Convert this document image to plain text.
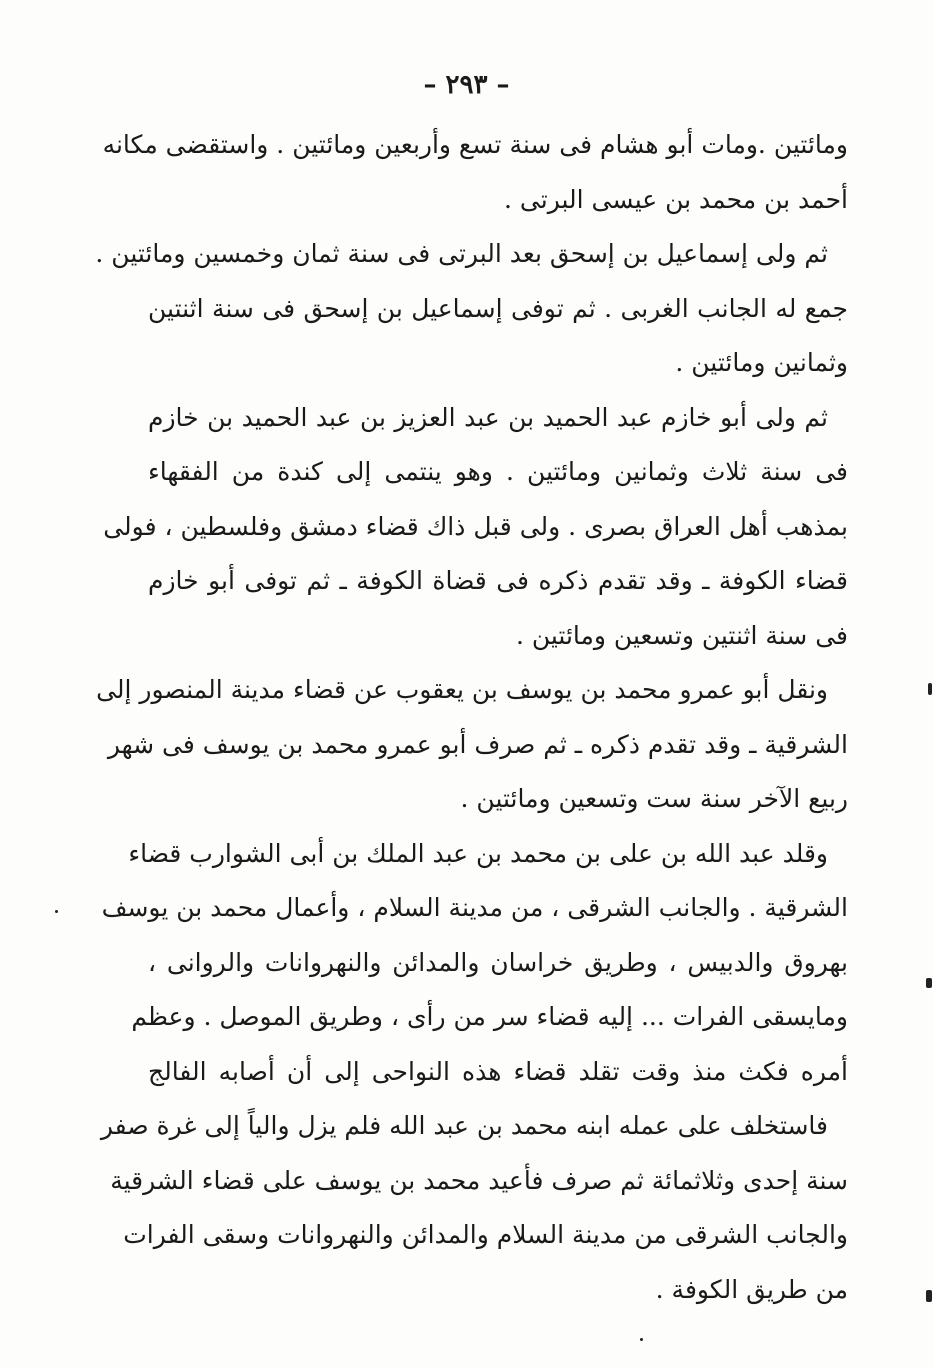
– ٢٩٣ –
ومائتين .ومات أبو هشام فى سنة تسع وأربعين ومائتين . واستقضى مكانه
أحمد بن محمد بن عيسى البرتى .
ثم ولى إسماعيل بن إسحق بعد البرتى فى سنة ثمان وخمسين ومائتين .
جمع له الجانب الغربى . ثم توفى إسماعيل بن إسحق فى سنة اثنتين
وثمانين ومائتين .
ثم ولى أبو خازم عبد الحميد بن عبد العزيز بن عبد الحميد بن خازم
فى سنة ثلاث وثمانين ومائتين . وهو ينتمى إلى كندة من الفقهاء
بمذهب أهل العراق بصرى . ولى قبل ذاك قضاء دمشق وفلسطين ، فولى
قضاء الكوفة ـ وقد تقدم ذكره فى قضاة الكوفة ـ ثم توفى أبو خازم
فى سنة اثنتين وتسعين ومائتين .
ونقل أبو عمرو محمد بن يوسف بن يعقوب عن قضاء مدينة المنصور إلى
الشرقية ـ وقد تقدم ذكره ـ ثم صرف أبو عمرو محمد بن يوسف فى شهر
ربيع الآخر سنة ست وتسعين ومائتين .
وقلد عبد الله بن على بن محمد بن عبد الملك بن أبى الشوارب قضاء
الشرقية . والجانب الشرقى ، من مدينة السلام ، وأعمال محمد بن يوسف
بهروق والدبيس ، وطريق خراسان والمدائن والنهروانات والروانى ،
ومايسقى الفرات ... إليه قضاء سر من رأى ، وطريق الموصل . وعظم
أمره فكث منذ وقت تقلد قضاء هذه النواحى إلى أن أصابه الفالج
فاستخلف على عمله ابنه محمد بن عبد الله فلم يزل والياً إلى غرة صفر
سنة إحدى وثلاثمائة ثم صرف فأعيد محمد بن يوسف على قضاء الشرقية
والجانب الشرقى من مدينة السلام والمدائن والنهروانات وسقى الفرات
من طريق الكوفة .
